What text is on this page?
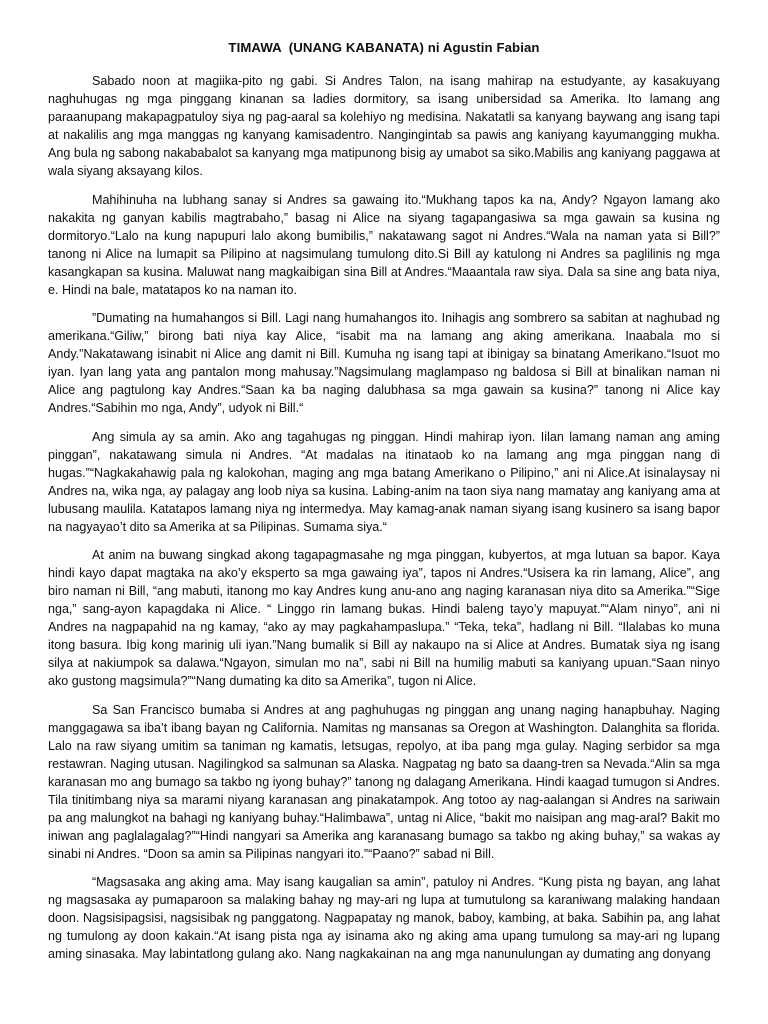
TIMAWA  (UNANG KABANATA) ni Agustin Fabian

Sabado noon at magiika-pito ng gabi. Si Andres Talon, na isang mahirap na estudyante, ay kasakuyang naghuhugas ng mga pinggang kinanan sa ladies dormitory, sa isang unibersidad sa Amerika. Ito lamang ang paraanupang makapagpatuloy siya ng pag-aaral sa kolehiyo ng medisina. Nakatatli sa kanyang baywang ang isang tapi at nakalilis ang mga manggas ng kanyang kamisadentro. Nangingintab sa pawis ang kaniyang kayumangging mukha. Ang bula ng sabong nakababalot sa kanyang mga matipunong bisig ay umabot sa siko.Mabilis ang kaniyang paggawa at wala siyang aksayang kilos.

Mahihinuha na lubhang sanay si Andres sa gawaing ito.“Mukhang tapos ka na, Andy? Ngayon lamang ako nakakita ng ganyan kabilis magtrabaho,” basag ni Alice na siyang tagapangasiwa sa mga gawain sa kusina ng dormitoryo.“Lalo na kung napupuri lalo akong bumibilis,” nakatawang sagot ni Andres.“Wala na naman yata si Bill?” tanong ni Alice na lumapit sa Pilipino at nagsimulang tumulong dito.Si Bill ay katulong ni Andres sa paglilinis ng mga kasangkapan sa kusina. Maluwat nang magkaibigan sina Bill at Andres.“Maaantala raw siya. Dala sa sine ang bata niya, e. Hindi na bale, matatapos ko na naman ito.

”Dumating na humahangos si Bill. Lagi nang humahangos ito. Inihagis ang sombrero sa sabitan at naghubad ng amerikana.“Giliw,” birong bati niya kay Alice, “isabit ma na lamang ang aking amerikana. Inaabala mo si Andy.”Nakatawang isinabit ni Alice ang damit ni Bill. Kumuha ng isang tapi at ibinigay sa binatang Amerikano.“Isuot mo iyan. Iyan lang yata ang pantalon mong mahusay.”Nagsimulang maglampaso ng baldosa si Bill at binalikan naman ni Alice ang pagtulong kay Andres.“Saan ka ba naging dalubhasa sa mga gawain sa kusina?” tanong ni Alice kay Andres.“Sabihin mo nga, Andy”, udyok ni Bill.“

Ang simula ay sa amin. Ako ang tagahugas ng pinggan. Hindi mahirap iyon. Iilan lamang naman ang aming pinggan”, nakatawang simula ni Andres. “At madalas na itinataob ko na lamang ang mga pinggan nang di hugas.”“Nagkakahawig pala ng kalokohan, maging ang mga batang Amerikano o Pilipino,” ani ni Alice.At isinalaysay ni Andres na, wika nga, ay palagay ang loob niya sa kusina. Labing-anim na taon siya nang mamatay ang kaniyang ama at lubusang maulila. Katatapos lamang niya ng intermedya. May kamag-anak naman siyang isang kusinero sa isang bapor na nagyayao’t dito sa Amerika at sa Pilipinas. Sumama siya.“

At anim na buwang singkad akong tagapagmasahe ng mga pinggan, kubyertos, at mga lutuan sa bapor. Kaya hindi kayo dapat magtaka na ako’y eksperto sa mga gawaing iya”, tapos ni Andres.“Usisera ka rin lamang, Alice”, ang biro naman ni Bill, “ang mabuti, itanong mo kay Andres kung anu-ano ang naging karanasan niya dito sa Amerika.”“Sige nga,” sang-ayon kapagdaka ni Alice. “ Linggo rin lamang bukas. Hindi baleng tayo’y mapuyat.”“Alam ninyo”, ani ni Andres na nagpapahid na ng kamay, “ako ay may pagkahampaslupa.” “Teka, teka”, hadlang ni Bill. “Ilalabas ko muna itong basura. Ibig kong marinig uli iyan.”Nang bumalik si Bill ay nakaupo na si Alice at Andres. Bumatak siya ng isang silya at nakiumpok sa dalawa.“Ngayon, simulan mo na”, sabi ni Bill na humilig mabuti sa kaniyang upuan.“Saan ninyo ako gustong magsimula?”“Nang dumating ka dito sa Amerika”, tugon ni Alice.

Sa San Francisco bumaba si Andres at ang paghuhugas ng pinggan ang unang naging hanapbuhay. Naging manggagawa sa iba’t ibang bayan ng California. Namitas ng mansanas sa Oregon at Washington. Dalanghita sa florida. Lalo na raw siyang umitim sa taniman ng kamatis, letsugas, repolyo, at iba pang mga gulay. Naging serbidor sa mga restawran. Naging utusan. Nagilingkod sa salmunan sa Alaska. Nagpatag ng bato sa daang-tren sa Nevada.“Alin sa mga karanasan mo ang bumago sa takbo ng iyong buhay?” tanong ng dalagang Amerikana. Hindi kaagad tumugon si Andres. Tila tinitimbang niya sa marami niyang karanasan ang pinakatampok. Ang totoo ay nag-aalangan si Andres na sariwain pa ang malungkot na bahagi ng kaniyang buhay.“Halimbawa”, untag ni Alice, “bakit mo naisipan ang mag-aral? Bakit mo iniwan ang paglalagalag?”“Hindi nangyari sa Amerika ang karanasang bumago sa takbo ng aking buhay,” sa wakas ay sinabi ni Andres. “Doon sa amin sa Pilipinas nangyari ito.”“Paano?” sabad ni Bill.

“Magsasaka ang aking ama. May isang kaugalian sa amin”, patuloy ni Andres. “Kung pista ng bayan, ang lahat ng magsasaka ay pumaparoon sa malaking bahay ng may-ari ng lupa at tumutulong sa karaniwang malaking handaan doon. Nagsisipagsisi, nagsisibak ng panggatong. Nagpapatay ng manok, baboy, kambing, at baka. Sabihin pa, ang lahat ng tumulong ay doon kakain.“At isang pista nga ay isinama ako ng aking ama upang tumulong sa may-ari ng lupang aming sinasaka. May labintatlong gulang ako. Nang nagkakainan na ang mga nanunulungan ay dumating ang donyang
